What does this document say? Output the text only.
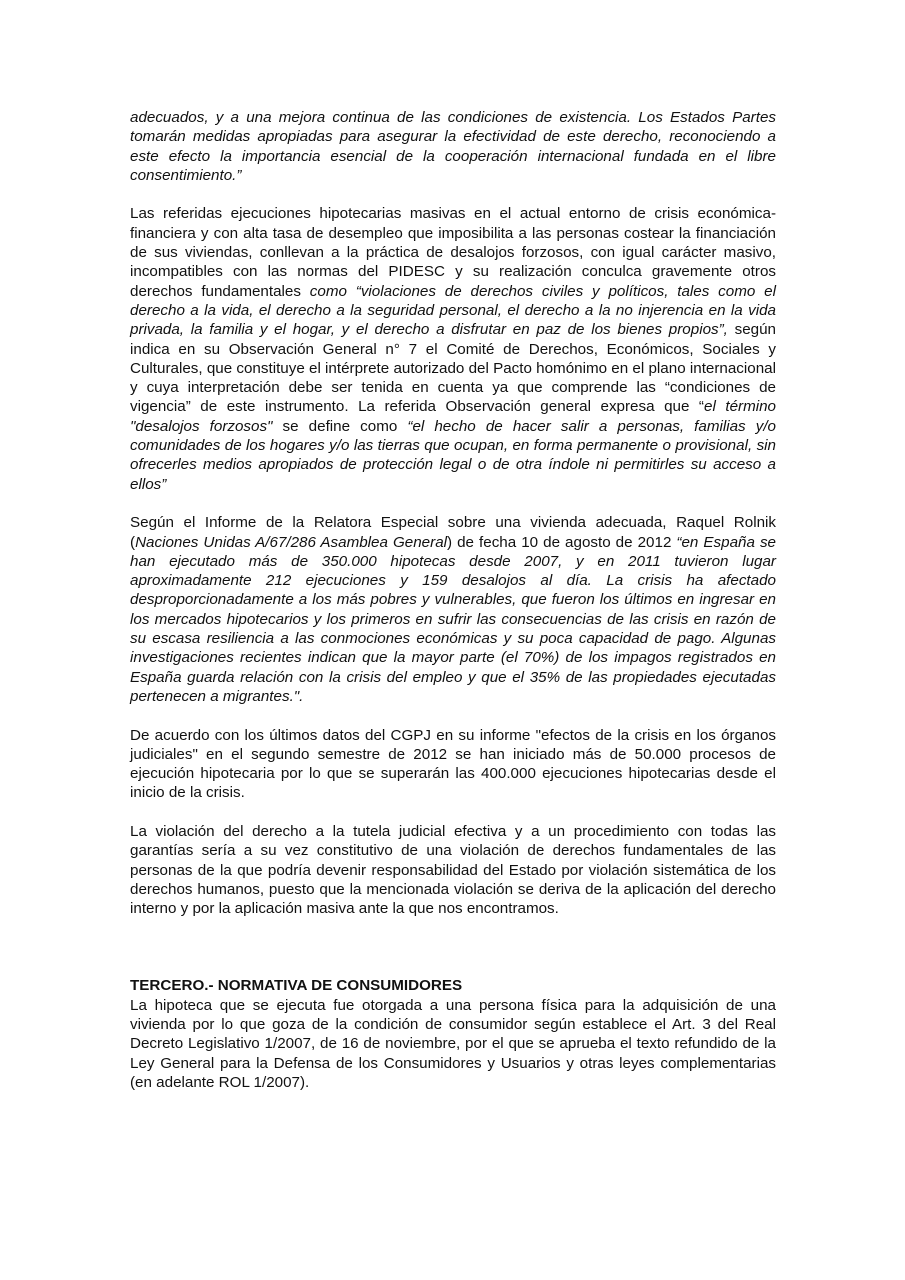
adecuados, y a una mejora continua de las condiciones de existencia. Los Estados Partes tomarán medidas apropiadas para asegurar la efectividad de este derecho, reconociendo a este efecto la importancia esencial de la cooperación internacional fundada en el libre consentimiento.”

Las referidas ejecuciones hipotecarias masivas en el actual entorno de crisis económica-financiera y con alta tasa de desempleo que imposibilita a las personas costear la financiación de sus viviendas, conllevan a la práctica de desalojos forzosos, con igual carácter masivo, incompatibles con las normas del PIDESC y su realización conculca gravemente otros derechos fundamentales como “violaciones de derechos civiles y políticos, tales como el derecho a la vida, el derecho a la seguridad personal, el derecho a la no injerencia en la vida privada, la familia y el hogar, y el derecho a disfrutar en paz de los bienes propios”, según indica en su Observación General n° 7 el Comité de Derechos, Económicos, Sociales y Culturales, que constituye el intérprete autorizado del Pacto homónimo en el plano internacional y cuya interpretación debe ser tenida en cuenta ya que comprende las “condiciones de vigencia” de este instrumento. La referida Observación general expresa que “el término "desalojos forzosos" se define como “el hecho de hacer salir a personas, familias y/o comunidades de los hogares y/o las tierras que ocupan, en forma permanente o provisional, sin ofrecerles medios apropiados de protección legal o de otra índole ni permitirles su acceso a ellos”

Según el Informe de la Relatora Especial sobre una vivienda adecuada, Raquel Rolnik (Naciones Unidas A/67/286 Asamblea General) de fecha 10 de agosto de 2012 “en España se han ejecutado más de 350.000 hipotecas desde 2007, y en 2011 tuvieron lugar aproximadamente 212 ejecuciones y 159 desalojos al día. La crisis ha afectado desproporcionadamente a los más pobres y vulnerables, que fueron los últimos en ingresar en los mercados hipotecarios y los primeros en sufrir las consecuencias de las crisis en razón de su escasa resiliencia a las conmociones económicas y su poca capacidad de pago. Algunas investigaciones recientes indican que la mayor parte (el 70%) de los impagos registrados en España guarda relación con la crisis del empleo y que el 35% de las propiedades ejecutadas pertenecen a migrantes.".

De acuerdo con los últimos datos del CGPJ en su informe "efectos de la crisis en los órganos judiciales" en el segundo semestre de 2012 se han iniciado más de 50.000 procesos de ejecución hipotecaria por lo que se superarán las 400.000 ejecuciones hipotecarias desde el inicio de la crisis.

La violación del derecho a la tutela judicial efectiva y a un procedimiento con todas las garantías sería a su vez constitutivo de una violación de derechos fundamentales de las personas de la que podría devenir responsabilidad del Estado por violación sistemática de los derechos humanos, puesto que la mencionada violación se deriva de la aplicación del derecho interno y por la aplicación masiva ante la que nos encontramos.

TERCERO.- NORMATIVA DE CONSUMIDORES

La hipoteca que se ejecuta fue otorgada a una persona física para la adquisición de una vivienda por lo que goza de la condición de consumidor según establece el Art. 3 del Real Decreto Legislativo 1/2007, de 16 de noviembre, por el que se aprueba el texto refundido de la Ley General para la Defensa de los Consumidores y Usuarios y otras leyes complementarias (en adelante ROL 1/2007).
